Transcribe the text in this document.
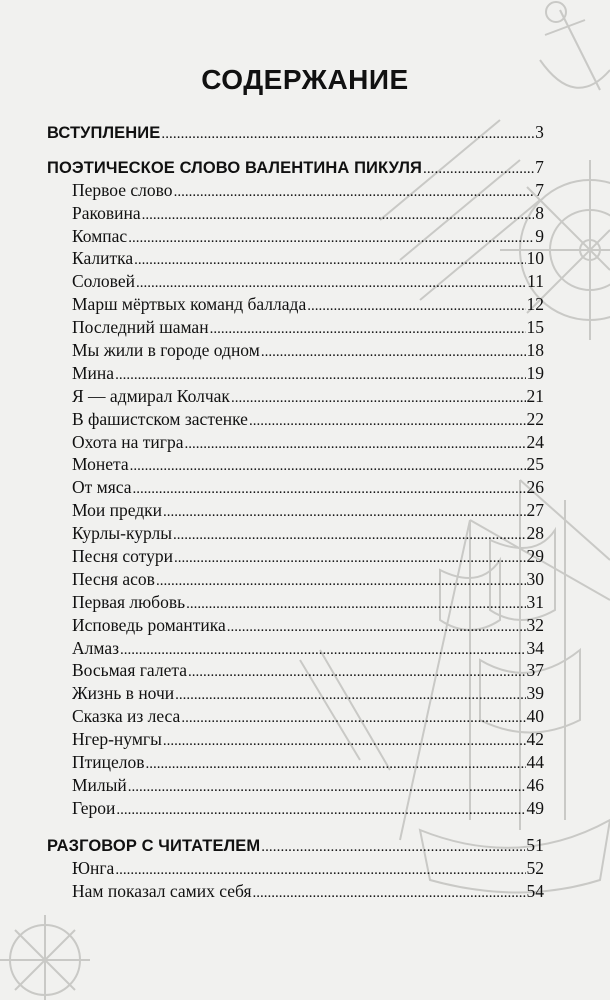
СОДЕРЖАНИЕ
ВСТУПЛЕНИЕ .....	3
ПОЭТИЧЕСКОЕ СЛОВО ВАЛЕНТИНА ПИКУЛЯ .....	7
Первое слово .....	7
Раковина .....	8
Компас .....	9
Калитка .....	10
Соловей .....	11
Марш мёртвых команд баллада .....	12
Последний шаман .....	15
Мы жили в городе одном .....	18
Мина .....	19
Я — адмирал Колчак .....	21
В фашистском застенке .....	22
Охота на тигра .....	24
Монета .....	25
От мяса .....	26
Мои предки .....	27
Курлы-курлы .....	28
Песня сотури .....	29
Песня асов .....	30
Первая любовь .....	31
Исповедь романтика .....	32
Алмаз .....	34
Восьмая галета .....	37
Жизнь в ночи .....	39
Сказка из леса .....	40
Нгер-нумгы .....	42
Птицелов .....	44
Милый .....	46
Герои .....	49
РАЗГОВОР С ЧИТАТЕЛЕМ .....	51
Юнга .....	52
Нам показал самих себя .....	54
